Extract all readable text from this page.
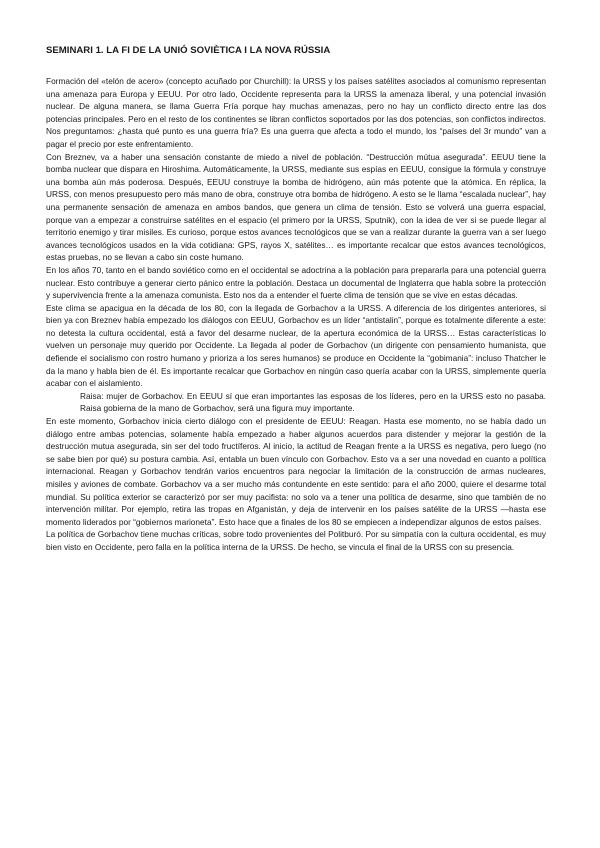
SEMINARI 1. LA FI DE LA UNIÓ SOVIÈTICA I LA NOVA RÚSSIA

Formación del «telón de acero» (concepto acuñado por Churchill): la URSS y los países satélites asociados al comunismo representan una amenaza para Europa y EEUU. Por otro lado, Occidente representa para la URSS la amenaza liberal, y una potencial invasión nuclear. De alguna manera, se llama Guerra Fría porque hay muchas amenazas, pero no hay un conflicto directo entre las dos potencias principales. Pero en el resto de los continentes se libran conflictos soportados por las dos potencias, son conflictos indirectos. Nos preguntamos: ¿hasta qué punto es una guerra fría? Es una guerra que afecta a todo el mundo, los “países del 3r mundo” van a pagar el precio por este enfrentamiento.

Con Breznev, va a haber una sensación constante de miedo a nivel de población. “Destrucción mútua asegurada”. EEUU tiene la bomba nuclear que dispara en Hiroshima. Automáticamente, la URSS, mediante sus espías en EEUU, consigue la fórmula y construye una bomba aún más poderosa. Después, EEUU construye la bomba de hidrógeno, aún más potente que la atómica. En réplica, la URSS, con menos presupuesto pero más mano de obra, construye otra bomba de hidrógeno. A esto se le llama “escalada nuclear”, hay una permanente sensación de amenaza en ambos bandos, que genera un clima de tensión. Esto se volverá una guerra espacial, porque van a empezar a construirse satélites en el espacio (el primero por la URSS, Sputnik), con la idea de ver si se puede llegar al territorio enemigo y tirar misiles. Es curioso, porque estos avances tecnológicos que se van a realizar durante la guerra van a ser luego avances tecnológicos usados en la vida cotidiana: GPS, rayos X, satélites… es importante recalcar que estos avances tecnológicos, estas pruebas, no se llevan a cabo sin coste humano.

En los años 70, tanto en el bando soviético como en el occidental se adoctrina a la población para prepararla para una potencial guerra nuclear. Esto contribuye a generar cierto pánico entre la población. Destaca un documental de Inglaterra que habla sobre la protección y supervivencia frente a la amenaza comunista. Esto nos da a entender el fuerte clima de tensión que se vive en estas décadas.

Este clima se apacigua en la década de los 80, con la llegada de Gorbachov a la URSS. A diferencia de los dirigentes anteriores, si bien ya con Breznev había empezado los diálogos con EEUU, Gorbachov es un líder “antistalin”, porque es totalmente diferente a este: no detesta la cultura occidental, está a favor del desarme nuclear, de la apertura económica de la URSS… Estas características lo vuelven un personaje muy querido por Occidente. La llegada al poder de Gorbachov (un dirigente con pensamiento humanista, que defiende el socialismo con rostro humano y prioriza a los seres humanos) se produce en Occidente la “gobimania”: incluso Thatcher le da la mano y habla bien de él. Es importante recalcar que Gorbachov en ningún caso quería acabar con la URSS, simplemente quería acabar con el aislamiento.

Raisa: mujer de Gorbachov. En EEUU sí que eran importantes las esposas de los líderes, pero en la URSS esto no pasaba. Raisa gobierna de la mano de Gorbachov, será una figura muy importante.

En este momento, Gorbachov inicia cierto diálogo con el presidente de EEUU: Reagan. Hasta ese momento, no se había dado un diálogo entre ambas potencias, solamente había empezado a haber algunos acuerdos para distender y mejorar la gestión de la destrucción mutua asegurada, sin ser del todo fructíferos. Al inicio, la actitud de Reagan frente a la URSS es negativa, pero luego (no se sabe bien por qué) su postura cambia. Así, entabla un buen vínculo con Gorbachov. Esto va a ser una novedad en cuanto a política internacional. Reagan y Gorbachov tendrán varios encuentros para negociar la limitación de la construcción de armas nucleares, misiles y aviones de combate. Gorbachov va a ser mucho más contundente en este sentido: para el año 2000, quiere el desarme total mundial. Su política exterior se caracterizó por ser muy pacifista: no solo va a tener una política de desarme, sino que también de no intervención militar. Por ejemplo, retira las tropas en Afganistán, y deja de intervenir en los países satélite de la URSS —hasta ese momento liderados por “gobiernos marioneta”. Esto hace que a finales de los 80 se empiecen a independizar algunos de estos países.

La política de Gorbachov tiene muchas críticas, sobre todo provenientes del Politburó. Por su simpatía con la cultura occidental, es muy bien visto en Occidente, pero falla en la política interna de la URSS. De hecho, se vincula el final de la URSS con su presencia.
